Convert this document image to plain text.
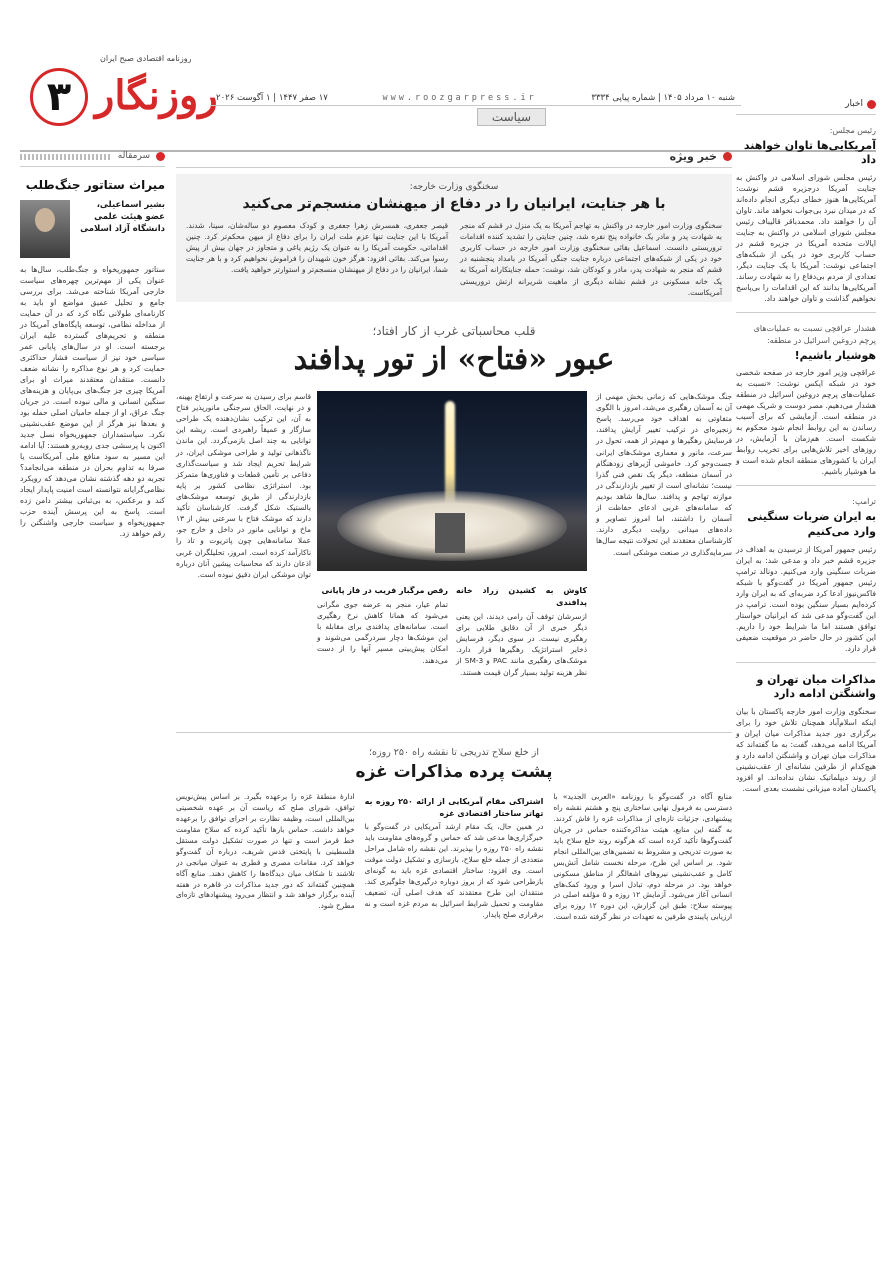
روزنامه اقتصادی صبح ایران
۳ روزنگار	شنبه ۱۰ مرداد ۱۴۰۵ | شماره پیاپی ۳۳۳۴
www.roozgarpress.ir
۱۷ صفر ۱۴۴۷ | ۱ آگوست ۲۰۲۶
سیاست
اخبار
رئیس مجلس:
آمریکایی‌ها تاوان خواهند داد
رئیس مجلس شورای اسلامی در واکنش به جنایت آمریکا درجزیره قشم نوشت: آمریکایی‌ها هنوز خطای دیگری انجام داده‌اند که در میدان نبرد بی‌جواب نخواهد ماند. تاوان آن را خواهند داد. محمدباقر قالیباف رئیس مجلس شورای اسلامی در واکنش به جنایت ایالات متحده آمریکا در جزیره قشم در حساب کاربری خود در یکی از شبکه‌های اجتماعی نوشت: آمریکا با یک جنایت دیگر، تعدادی از مردم بی‌دفاع را به شهادت رساند. آمریکایی‌ها بدانند که این اقدامات را بی‌پاسخ نخواهیم گذاشت و تاوان خواهند داد.
هشدار عراقچی نسبت به عملیات‌های پرچم دروغین اسرائیل در منطقه:
هوشیار باشیم!
عراقچی وزیر امور خارجه در صفحه شخصی خود در شبکه ایکس نوشت: «نسبت به عملیات‌های پرچم دروغین اسرائیل در منطقه هشدار می‌دهیم. مصر دوست و شریک مهمی در منطقه است. آزمایشی که برای آسیب رساندن به این روابط انجام شود محکوم به شکست است. هم‌زمان با آزمایش، در روزهای اخیر تلاش‌هایی برای تخریب روابط ایران با کشورهای منطقه انجام شده است و ما هوشیار باشیم.
ترامپ:
به ایران ضربات سنگینی وارد می‌کنیم
رئیس جمهور آمریکا از ترسیدن به اهداف در جزیره قشم خبر داد و مدعی شد: به ایران ضربات سنگینی وارد می‌کنیم. دونالد ترامپ رئیس جمهور آمریکا در گفت‌وگو با شبکه فاکس‌نیوز ادعا کرد ضربه‌ای که به ایران وارد کرده‌ایم بسیار سنگین بوده است. ترامپ در این گفت‌وگو مدعی شد که ایرانیان خواستار توافق هستند اما ما شرایط خود را داریم. این کشور در حال حاضر در موقعیت ضعیفی قرار دارد.
مذاکرات میان تهران و واشنگتن ادامه دارد
سخنگوی وزارت امور خارجه پاکستان با بیان اینکه اسلام‌آباد همچنان تلاش خود را برای برگزاری دور جدید مذاکرات میان ایران و آمریکا ادامه می‌دهد، گفت: به ما گفته‌اند که مذاکرات میان تهران و واشنگتن ادامه دارد و هیچ‌کدام از طرفین نشانه‌ای از عقب‌نشینی از روند دیپلماتیک نشان نداده‌اند. او افزود پاکستان آماده میزبانی نشست بعدی است.
سرمقاله
میراث ستاتور جنگ‌طلب
بشیر اسماعیلی، عضو هیئت علمی دانشگاه آزاد اسلامی
ستاتور جمهوریخواه و جنگ‌طلب، سال‌ها به عنوان یکی از مهم‌ترین چهره‌های سیاست خارجی آمریکا شناخته می‌شد. برای بررسی جامع و تحلیل عمیق مواضع او باید به کارنامه‌ای طولانی نگاه کرد که در آن حمایت از مداخله نظامی، توسعه پایگاه‌های آمریکا در منطقه و تحریم‌های گسترده علیه ایران برجسته است. او در سال‌های پایانی عمر سیاسی خود نیز از سیاست فشار حداکثری حمایت کرد و هر نوع مذاکره را نشانه ضعف دانست. منتقدان معتقدند میراث او برای آمریکا چیزی جز جنگ‌های بی‌پایان و هزینه‌های سنگین انسانی و مالی نبوده است. در جریان جنگ عراق، او از جمله حامیان اصلی حمله بود و بعدها نیز هرگز از این موضع عقب‌نشینی نکرد. سیاستمداران جمهوریخواه نسل جدید اکنون با پرسشی جدی روبه‌رو هستند: آیا ادامه این مسیر به سود منافع ملی آمریکاست یا صرفا به تداوم بحران در منطقه می‌انجامد؟ تجربه دو دهه گذشته نشان می‌دهد که رویکرد نظامی‌گرایانه نتوانسته است امنیت پایدار ایجاد کند و برعکس، به بی‌ثباتی بیشتر دامن زده است. پاسخ به این پرسش آینده حزب جمهوریخواه و سیاست خارجی واشنگتن را رقم خواهد زد.
خبر ویژه
سخنگوی وزارت خارجه:
با هر جنایت، ایرانیان را در دفاع از میهنشان منسجم‌تر می‌کنید
سخنگوی وزارت امور خارجه در واکنش به تهاجم آمریکا به یک منزل در قشم که منجر به شهادت پدر و مادر یک خانواده پنج نفره شد، چنین جنایتی را تشدید کننده اقدامات تروریستی دانست. اسماعیل بقائی سخنگوی وزارت امور خارجه در حساب کاربری خود در یکی از شبکه‌های اجتماعی درباره جنایت جنگی آمریکا در بامداد پنجشنبه در قشم که منجر به شهادت پدر، مادر و کودکان شد، نوشت: حمله جنایتکارانه آمریکا به یک خانه مسکونی در قشم نشانه دیگری از ماهیت شریرانه ارتش تروریستی آمریکاست.
قیصر جعفری، همسرش زهرا جعفری و کودک معصوم دو ساله‌شان، سینا، شدند. آمریکا با این جنایت تنها عزم ملت ایران را برای دفاع از میهن محکم‌تر کرد. چنین اقداماتی، حکومت آمریکا را به عنوان یک رژیم یاغی و متجاوز در جهان بیش از پیش رسوا می‌کند. بقائی افزود: هرگز خون شهیدان را فراموش نخواهیم کرد و با هر جنایت شما، ایرانیان را در دفاع از میهنشان منسجم‌تر و استوارتر خواهید یافت.
قلب محاسباتی غرب از کار افتاد؛
عبور «فتاح» از تور پدافند
جنگ موشک‌هایی که زمانی بخش مهمی از آن به آسمان رهگیری می‌شد، امروز با الگوی متفاوتی به اهداف خود می‌رسد. پاسخ زنجیره‌ای در ترکیب تغییر آرایش پدافند، فرسایش رهگیرها و مهم‌تر از همه، تحول در سرعت، مانور و معماری موشک‌های ایرانی جست‌وجو کرد. خاموشی آژیرهای زودهنگام در آسمان منطقه، دیگر یک نقص فنی گذرا نیست؛ نشانه‌ای است از تغییر بازدارندگی در موازنه تهاجم و پدافند. سال‌ها شاهد بودیم که سامانه‌های غربی ادعای حفاظت از آسمان را داشتند، اما امروز تصاویر و داده‌های میدانی روایت دیگری دارند. کارشناسان معتقدند این تحولات نتیجه سال‌ها سرمایه‌گذاری در صنعت موشکی است.
قاسم برای رسیدن به سرعت و ارتفاع بهینه، و در نهایت، الحاق سرجنگی مانورپذیر فتاح به آن، این ترکیب نشان‌دهنده یک طراحی سازگار و عمیقاً راهبردی است. ریشه این توانایی به چند اصل بازمی‌گردد. این ماندن ناگذ‌هانی تولید و طراحی موشکی ایران، در شرایط تحریم ایجاد شد و سیاست‌گذاری دفاعی بر تأمین قطعات و فناوری‌ها متمرکز بود. استراتژی نظامی کشور بر پایه بازدارندگی از طریق توسعه موشک‌های بالستیک شکل گرفت. کارشناسان تأکید دارند که موشک فتاح با سرعتی بیش از ۱۳ ماخ و توانایی مانور در داخل و خارج جو، عملا سامانه‌هایی چون پاتریوت و تاد را ناکارآمد کرده است. امروز، تحلیلگران غربی اذعان دارند که محاسبات پیشین آنان درباره توان موشکی ایران دقیق نبوده است.
کاوش به کشیدن زراد خانه پدافندی
ازسرشان توقف آن رامی دیدند، این یعنی دیگر خبری از آن دقایق طلایی برای رهگیری نیست. در سوی دیگر، فرسایش ذخایر استراتژیک رهگیرها فرار دارد. موشک‌های رهگیری مانند PAC و SM-3 از نظر هزینه تولید بسیار گران قیمت هستند.
رقص مرگبار فریب در فاز پایانی
تمام عیار، منجر به عرضه جوی مگرانی می‌شود که همانا کاهش نرخ رهگیری است. سامانه‌های پدافندی برای مقابله با این موشک‌ها دچار سردرگمی می‌شوند و امکان پیش‌بینی مسیر آنها را از دست می‌دهند.
از خلع سلاح تدریجی تا نقشه راه ۲۵۰ روزه؛
پشت پرده مذاکرات غزه
منابع آگاه در گفت‌وگو با روزنامه «العربی الجدید» با دسترسی به فرمول نهایی ساختاری پنج و هشتم نقشه راه پیشنهادی، جزئیات تازه‌ای از مذاکرات غزه را فاش کردند. به گفته این منابع، هیئت مذاکره‌کننده حماس در جریان گفت‌وگوها تأکید کرده است که هرگونه روند خلع سلاح باید به صورت تدریجی و مشروط به تضمین‌های بین‌المللی انجام شود. بر اساس این طرح، مرحله نخست شامل آتش‌بس کامل و عقب‌نشینی نیروهای اشغالگر از مناطق مسکونی خواهد بود. در مرحله دوم، تبادل اسرا و ورود کمک‌های انسانی آغاز می‌شود. آزمایش ۱۲ روزه و ۵ مؤلفه اصلی در پیوسته سلاح: طبق این گزارش، این دوره ۱۲ روزه برای ارزیابی پایبندی طرفین به تعهدات در نظر گرفته شده است.
اشتراکی مقام آمریکایی از ارائه ۲۵۰ روزه به تهاتر ساختار اقتصادی غزه
در همین حال، یک مقام ارشد آمریکایی در گفت‌وگو با خبرگزاری‌ها مدعی شد که حماس و گروه‌های مقاومت باید نقشه راه ۲۵۰ روزه را بپذیرند. این نقشه راه شامل مراحل متعددی از جمله خلع سلاح، بازسازی و تشکیل دولت موقت است. وی افزود: ساختار اقتصادی غزه باید به گونه‌ای بازطراحی شود که از بروز دوباره درگیری‌ها جلوگیری کند. منتقدان این طرح معتقدند که هدف اصلی آن، تضعیف مقاومت و تحمیل شرایط اسرائیل به مردم غزه است و نه برقراری صلح پایدار.
ادارۀ منطقۀ غزه را برعهده بگیرد. بر اساس پیش‌نویس توافق، شورای صلح که ریاست آن بر عهده شخصیتی بین‌المللی است، وظیفه نظارت بر اجرای توافق را برعهده خواهد داشت. حماس بارها تأکید کرده که سلاح مقاومت خط قرمز است و تنها در صورت تشکیل دولت مستقل فلسطینی با پایتختی قدس شریف، درباره آن گفت‌وگو خواهد کرد. مقامات مصری و قطری به عنوان میانجی در تلاشند تا شکاف میان دیدگاه‌ها را کاهش دهند. منابع آگاه همچنین گفته‌اند که دور جدید مذاکرات در قاهره در هفته آینده برگزار خواهد شد و انتظار می‌رود پیشنهادهای تازه‌ای مطرح شود.
